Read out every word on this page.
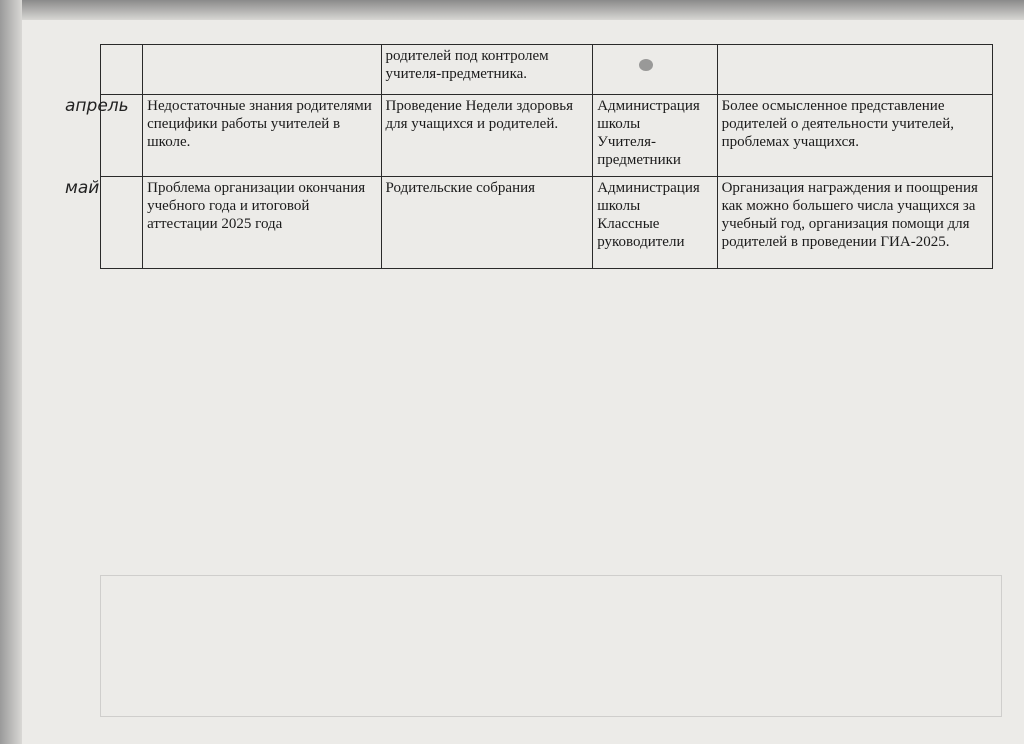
		родителей под контролем учителя-предметника.	

апрель	Недостаточные знания родителями специфики работы учителей в школе.	Проведение Недели здоровья для учащихся и родителей.	Администрация школы
Учителя-предметники	Более осмысленное представление родителей о деятельности учителей, проблемах учащихся.

май	Проблема организации окончания учебного года и итоговой аттестации 2025 года	Родительские собрания	Администрация школы
Классные руководители	Организация награждения и поощрения как можно большего числа учащихся за учебный год, организация помощи для родителей в проведении ГИА-2025.
